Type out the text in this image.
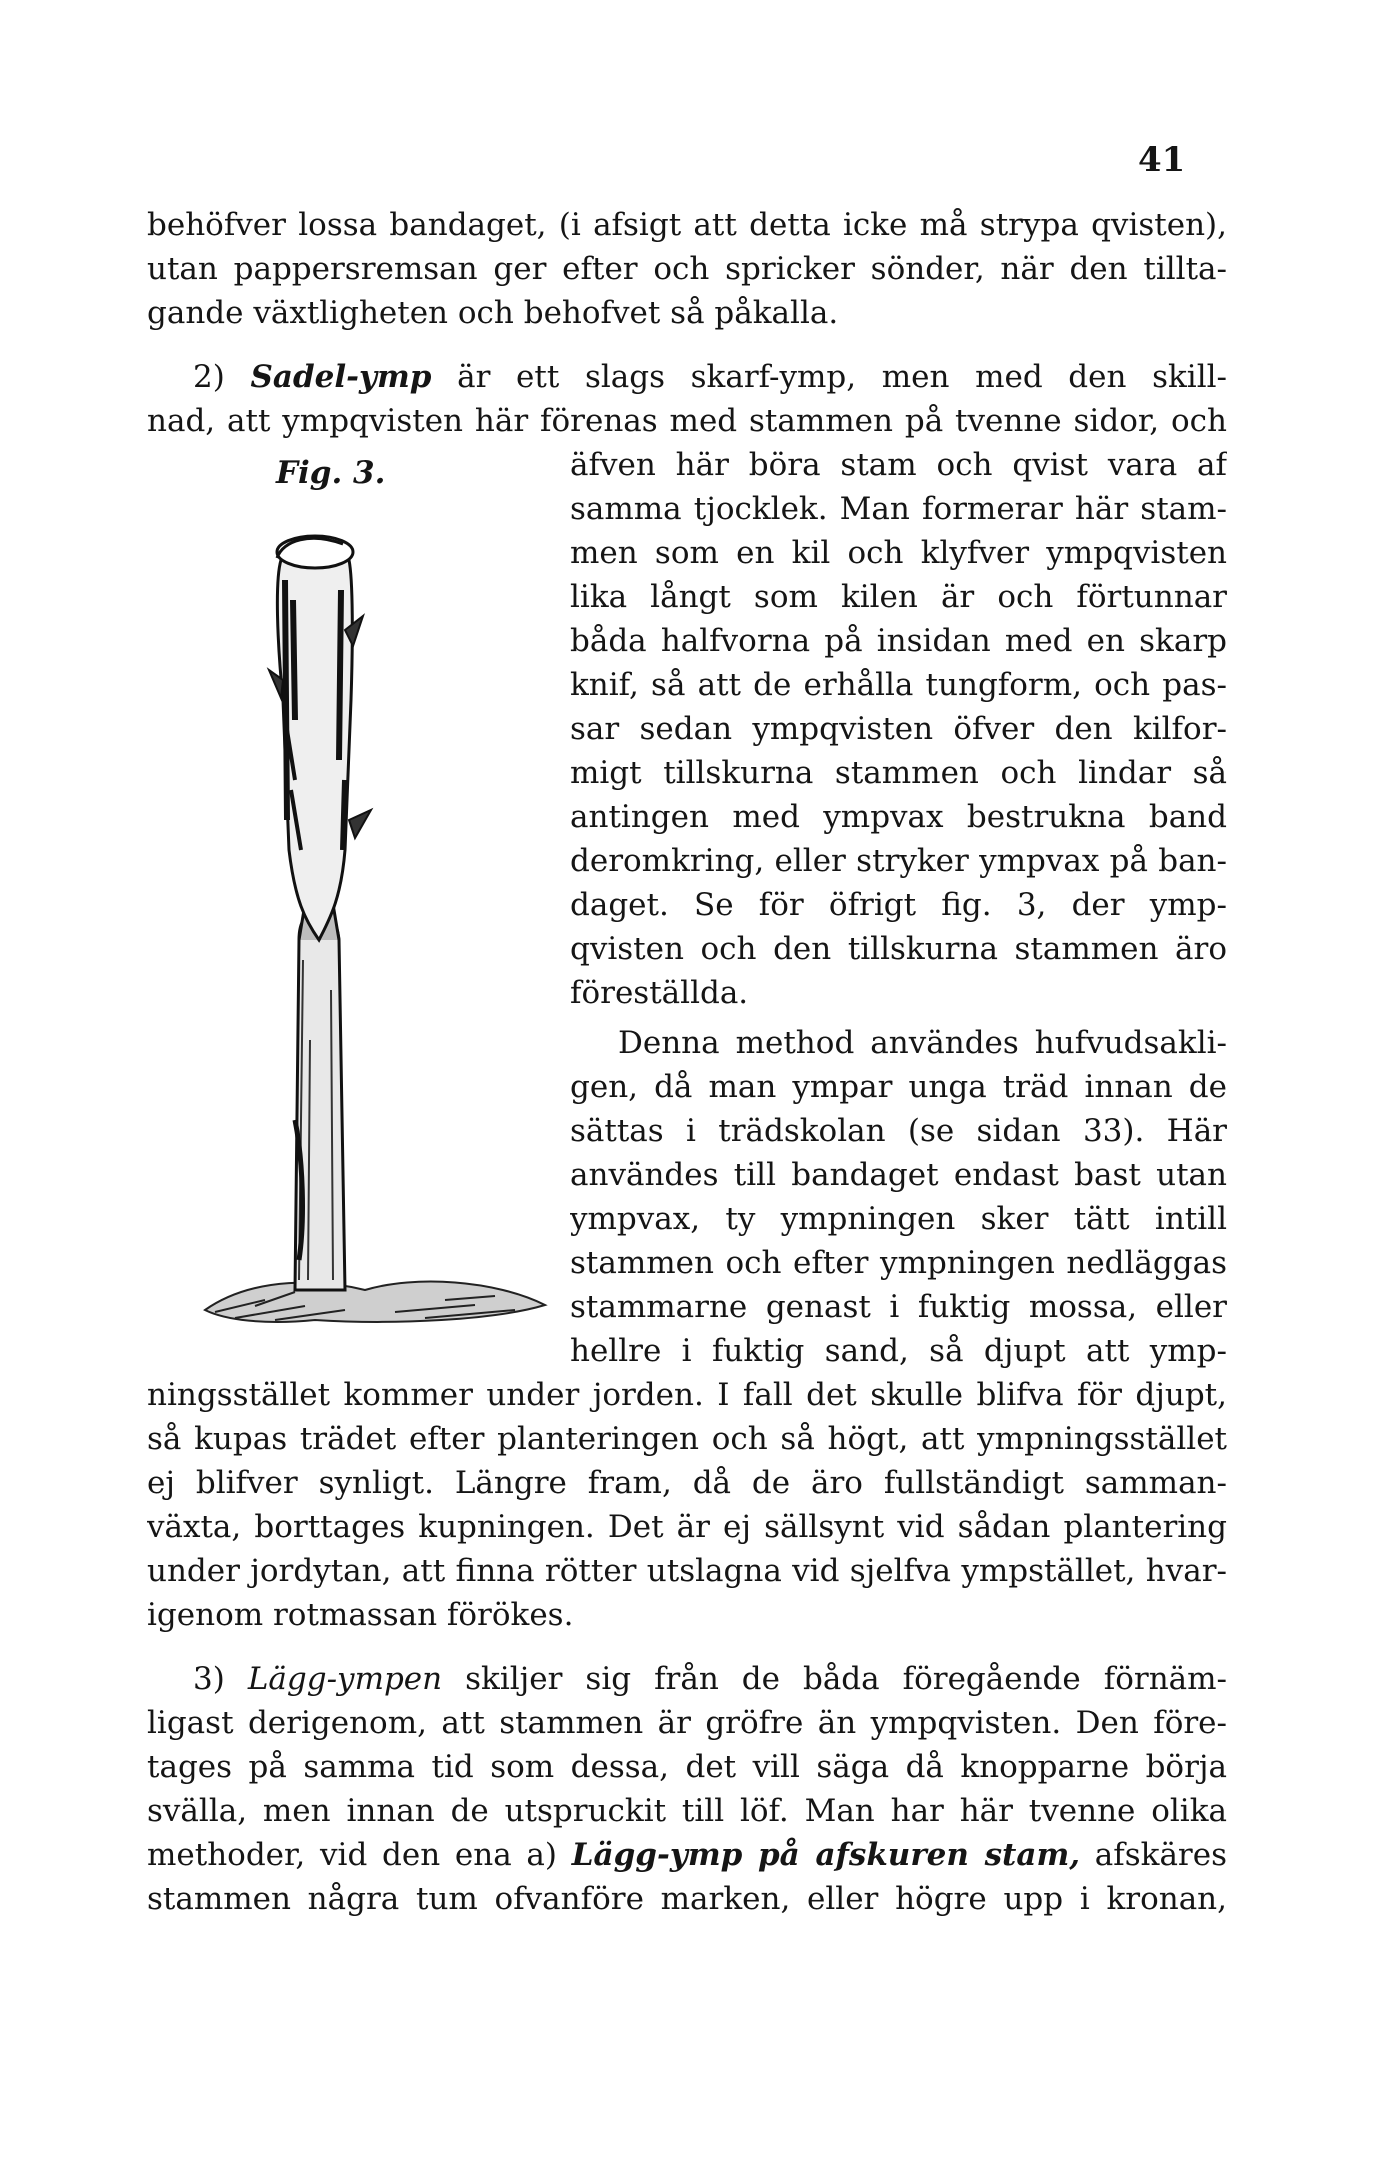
41
behöfver lossa bandaget, (i afsigt att detta icke må strypa qvisten),
utan pappersremsan ger efter och spricker sönder, när den tillta-
gande växtligheten och behofvet så påkalla.
2) Sadel-ymp är ett slags skarf-ymp, men med den skill-
nad, att ympqvisten här förenas med stammen på tvenne sidor, och
Fig. 3.	äfven här böra stam och qvist vara af
samma tjocklek. Man formerar här stam-
men som en kil och klyfver ympqvisten
lika långt som kilen är och förtunnar
båda halfvorna på insidan med en skarp
knif, så att de erhålla tungform, och pas-
sar sedan ympqvisten öfver den kilfor-
migt tillskurna stammen och lindar så
antingen med ympvax bestrukna band
deromkring, eller stryker ympvax på ban-
daget. Se för öfrigt fig. 3, der ymp-
qvisten och den tillskurna stammen äro
föreställda.
Denna method användes hufvudsakli-
gen, då man ympar unga träd innan de
sättas i trädskolan (se sidan 33). Här
användes till bandaget endast bast utan
ympvax, ty ympningen sker tätt intill
stammen och efter ympningen nedläggas
stammarne genast i fuktig mossa, eller
hellre i fuktig sand, så djupt att ymp-
ningsstället kommer under jorden. I fall det skulle blifva för djupt,
så kupas trädet efter planteringen och så högt, att ympningsstället
ej blifver synligt. Längre fram, då de äro fullständigt samman-
växta, borttages kupningen. Det är ej sällsynt vid sådan plantering
under jordytan, att finna rötter utslagna vid sjelfva ympstället, hvar-
igenom rotmassan förökes.
3) Lägg-ympen skiljer sig från de båda föregående förnäm-
ligast derigenom, att stammen är gröfre än ympqvisten. Den före-
tages på samma tid som dessa, det vill säga då knopparne börja
svälla, men innan de utspruckit till löf. Man har här tvenne olika
methoder, vid den ena a) Lägg-ymp på afskuren stam, afskäres
stammen några tum ofvanföre marken, eller högre upp i kronan,
